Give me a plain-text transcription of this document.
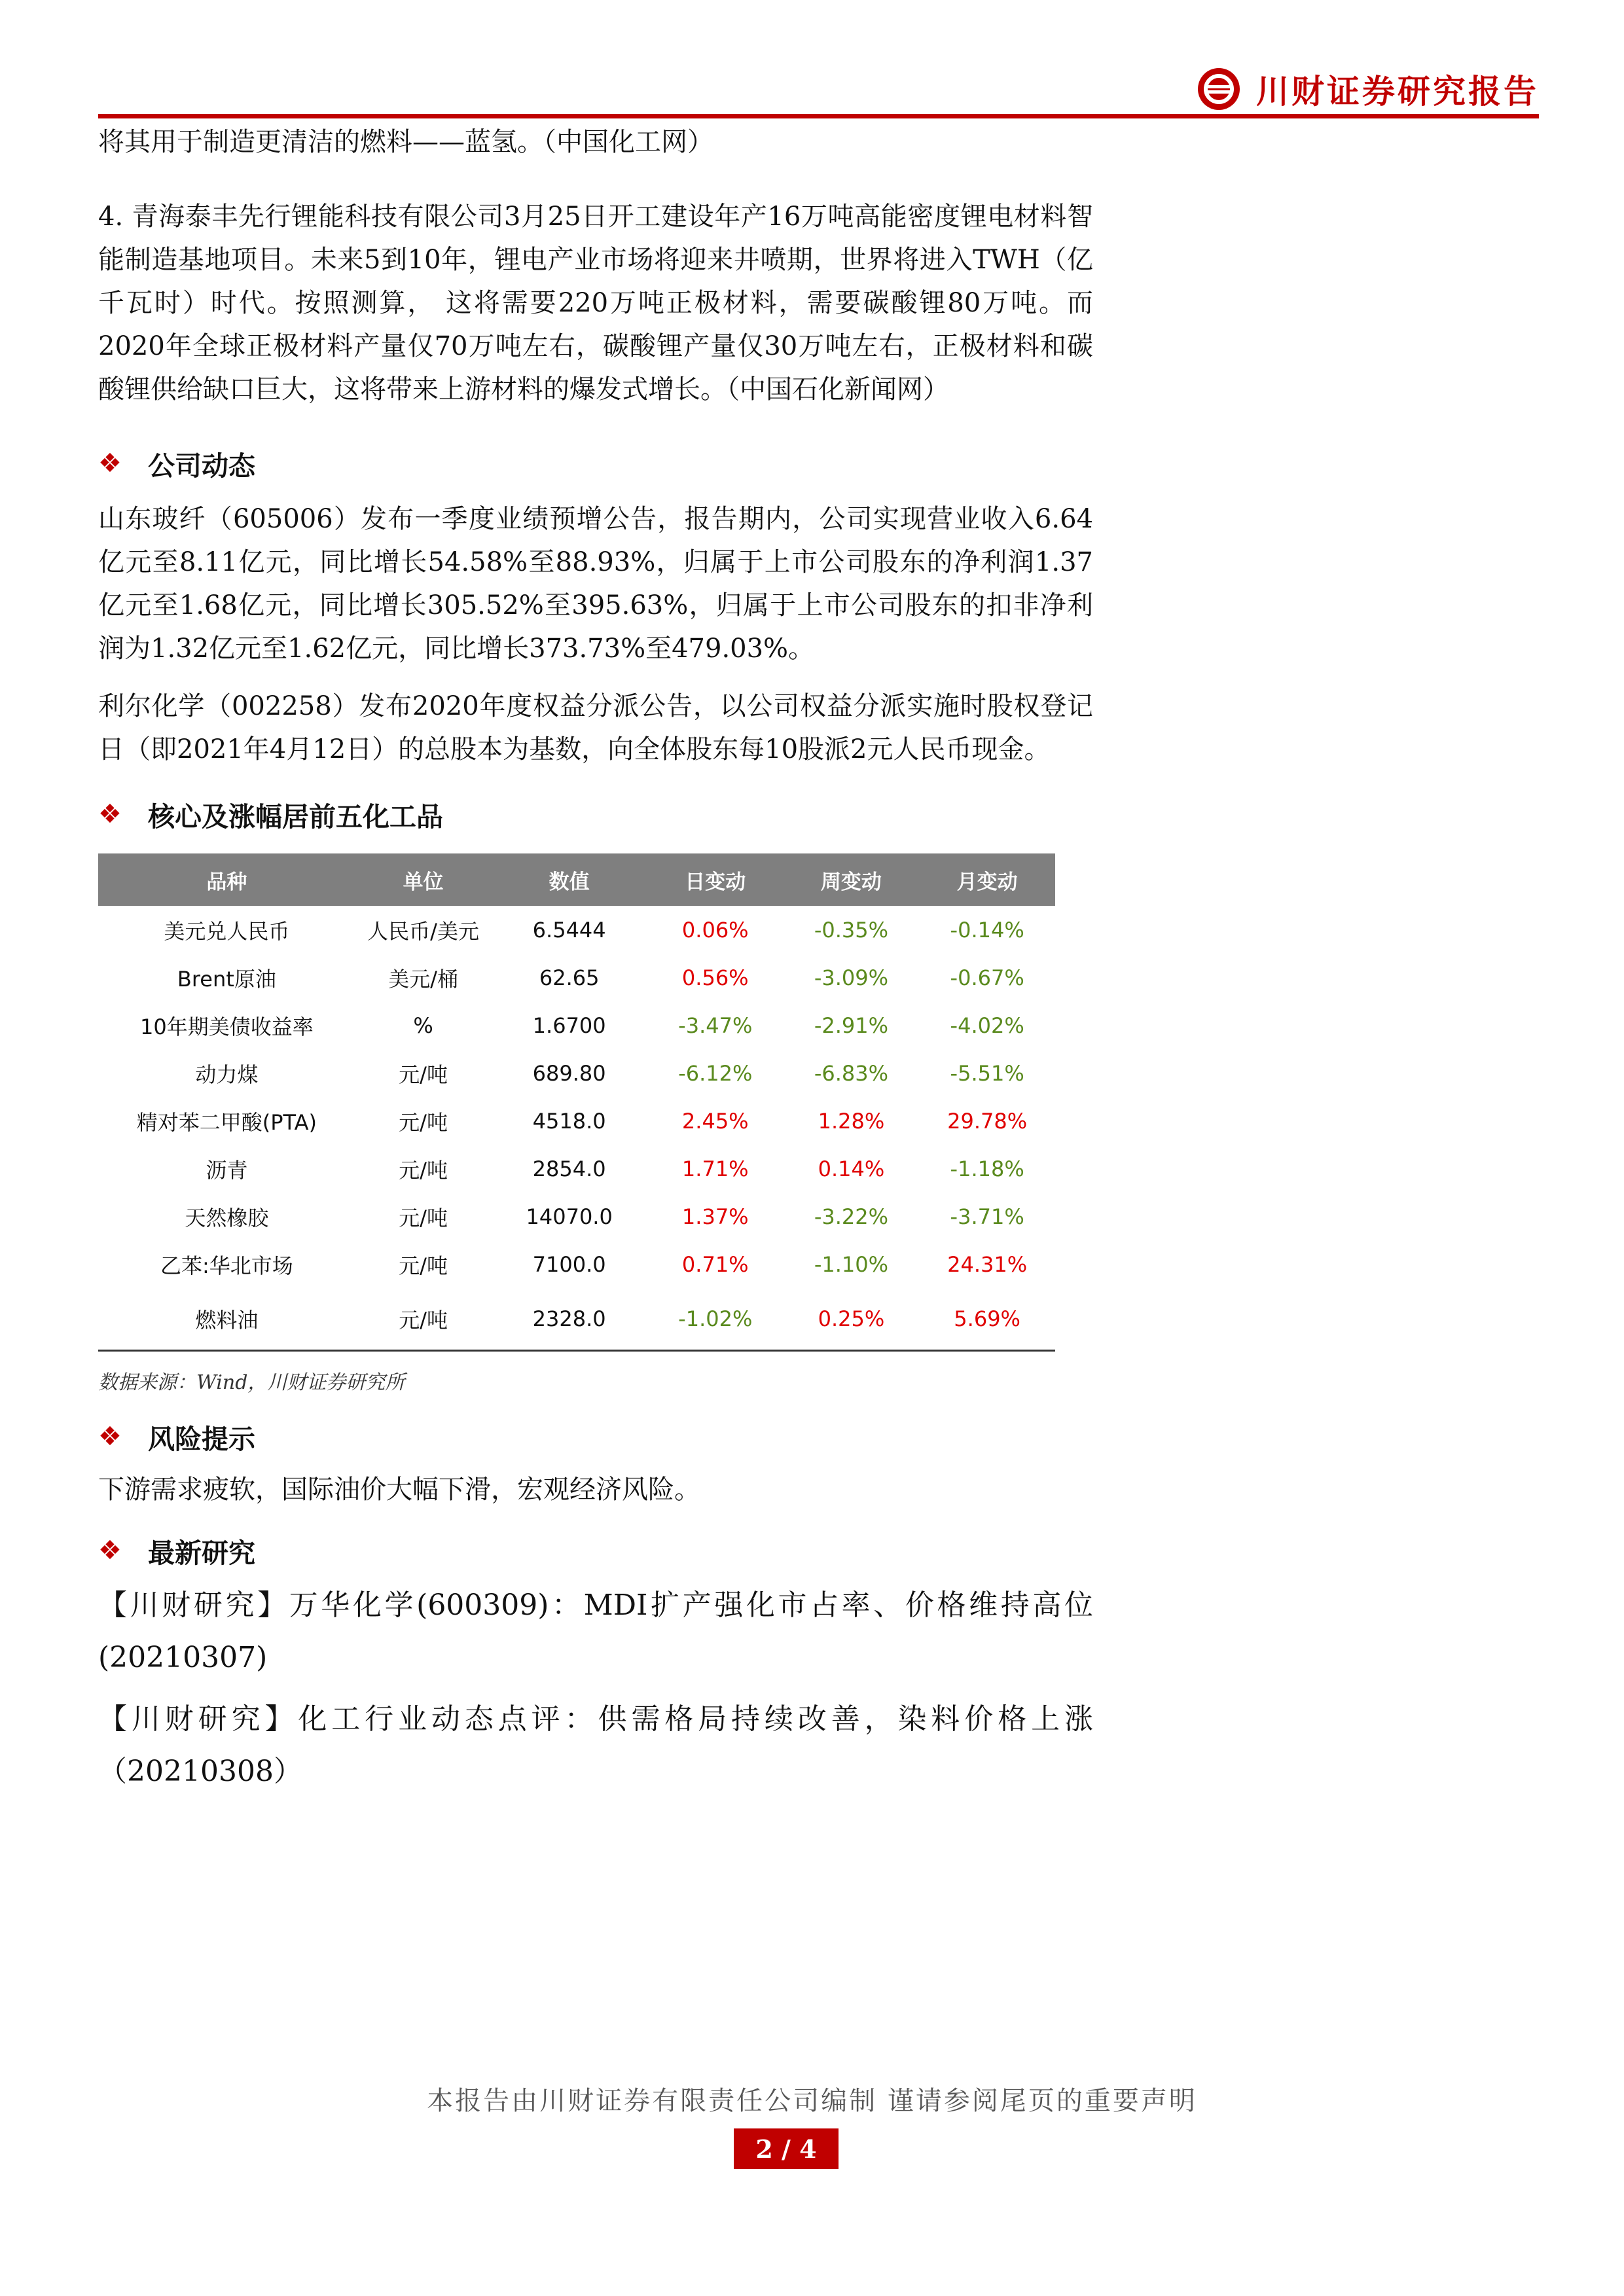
川财证券研究报告

将其用于制造更清洁的燃料——蓝氢。（中国化工网）

4. 青海泰丰先行锂能科技有限公司3月25日开工建设年产16万吨高能密度锂电材料智能制造基地项目。未来5到10年，锂电产业市场将迎来井喷期，世界将进入TWH（亿千瓦时）时代。按照测算， 这将需要220万吨正极材料，需要碳酸锂80万吨。而2020年全球正极材料产量仅70万吨左右，碳酸锂产量仅30万吨左右，正极材料和碳酸锂供给缺口巨大，这将带来上游材料的爆发式增长。（中国石化新闻网）

❖ 公司动态

山东玻纤（605006）发布一季度业绩预增公告，报告期内，公司实现营业收入6.64亿元至8.11亿元，同比增长54.58%至88.93%，归属于上市公司股东的净利润1.37亿元至1.68亿元，同比增长305.52%至395.63%，归属于上市公司股东的扣非净利润为1.32亿元至1.62亿元，同比增长373.73%至479.03%。

利尔化学（002258）发布2020年度权益分派公告，以公司权益分派实施时股权登记日（即2021年4月12日）的总股本为基数，向全体股东每10股派2元人民币现金。

❖ 核心及涨幅居前五化工品
品种	单位	数值	日变动	周变动	月变动
美元兑人民币	人民币/美元	6.5444	0.06%	-0.35%	-0.14%
Brent原油	美元/桶	62.65	0.56%	-3.09%	-0.67%
10年期美债收益率	%	1.6700	-3.47%	-2.91%	-4.02%
动力煤	元/吨	689.80	-6.12%	-6.83%	-5.51%
精对苯二甲酸(PTA)	元/吨	4518.0	2.45%	1.28%	29.78%
沥青	元/吨	2854.0	1.71%	0.14%	-1.18%
天然橡胶	元/吨	14070.0	1.37%	-3.22%	-3.71%
乙苯:华北市场	元/吨	7100.0	0.71%	-1.10%	24.31%
燃料油	元/吨	2328.0	-1.02%	0.25%	5.69%
数据来源：Wind，川财证券研究所
❖ 风险提示

下游需求疲软，国际油价大幅下滑，宏观经济风险。

❖ 最新研究

【川财研究】万华化学(600309)：MDI扩产强化市占率、价格维持高位(20210307)

【川财研究】化工行业动态点评：供需格局持续改善，染料价格上涨（20210308）

本报告由川财证券有限责任公司编制 谨请参阅尾页的重要声明
2 / 4
